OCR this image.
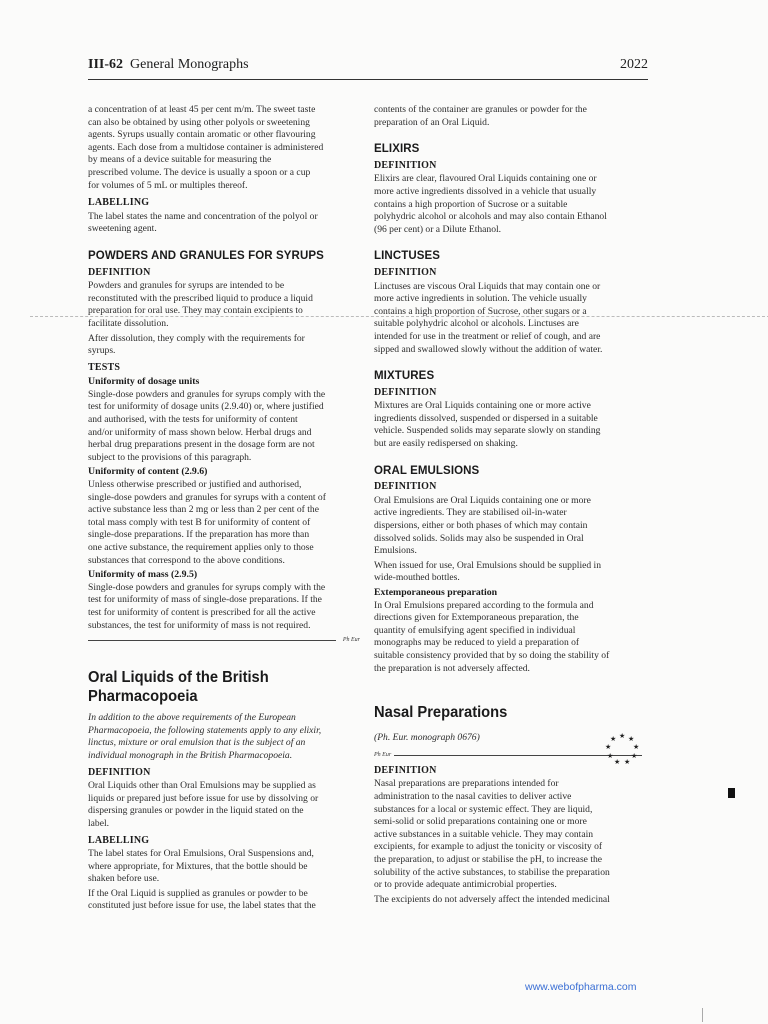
III-62 General Monographs	2022

a concentration of at least 45 per cent m/m. The sweet taste
can also be obtained by using other polyols or sweetening
agents. Syrups usually contain aromatic or other flavouring
agents. Each dose from a multidose container is administered
by means of a device suitable for measuring the
prescribed volume. The device is usually a spoon or a cup
for volumes of 5 mL or multiples thereof.

LABELLING

The label states the name and concentration of the polyol or
sweetening agent.

POWDERS AND GRANULES FOR SYRUPS
DEFINITION

Powders and granules for syrups are intended to be
reconstituted with the prescribed liquid to produce a liquid
preparation for oral use. They may contain excipients to
facilitate dissolution.

After dissolution, they comply with the requirements for
syrups.

TESTS
Uniformity of dosage units

Single-dose powders and granules for syrups comply with the
test for uniformity of dosage units (2.9.40) or, where justified
and authorised, with the tests for uniformity of content
and/or uniformity of mass shown below. Herbal drugs and
herbal drug preparations present in the dosage form are not
subject to the provisions of this paragraph.

Uniformity of content (2.9.6)

Unless otherwise prescribed or justified and authorised,
single-dose powders and granules for syrups with a content of
active substance less than 2 mg or less than 2 per cent of the
total mass comply with test B for uniformity of content of
single-dose preparations. If the preparation has more than
one active substance, the requirement applies only to those
substances that correspond to the above conditions.

Uniformity of mass (2.9.5)

Single-dose powders and granules for syrups comply with the
test for uniformity of mass of single-dose preparations. If the
test for uniformity of content is prescribed for all the active
substances, the test for uniformity of mass is not required.

Ph Eur
Oral Liquids of the British
Pharmacopoeia

In addition to the above requirements of the European
Pharmacopoeia, the following statements apply to any elixir,
linctus, mixture or oral emulsion that is the subject of an
individual monograph in the British Pharmacopoeia.

DEFINITION

Oral Liquids other than Oral Emulsions may be supplied as
liquids or prepared just before issue for use by dissolving or
dispersing granules or powder in the liquid stated on the
label.

LABELLING

The label states for Oral Emulsions, Oral Suspensions and,
where appropriate, for Mixtures, that the bottle should be
shaken before use.

If the Oral Liquid is supplied as granules or powder to be
constituted just before issue for use, the label states that the

contents of the container are granules or powder for the
preparation of an Oral Liquid.

ELIXIRS
DEFINITION

Elixirs are clear, flavoured Oral Liquids containing one or
more active ingredients dissolved in a vehicle that usually
contains a high proportion of Sucrose or a suitable
polyhydric alcohol or alcohols and may also contain Ethanol
(96 per cent) or a Dilute Ethanol.

LINCTUSES
DEFINITION

Linctuses are viscous Oral Liquids that may contain one or
more active ingredients in solution. The vehicle usually
contains a high proportion of Sucrose, other sugars or a
suitable polyhydric alcohol or alcohols. Linctuses are
intended for use in the treatment or relief of cough, and are
sipped and swallowed slowly without the addition of water.

MIXTURES
DEFINITION

Mixtures are Oral Liquids containing one or more active
ingredients dissolved, suspended or dispersed in a suitable
vehicle. Suspended solids may separate slowly on standing
but are easily redispersed on shaking.

ORAL EMULSIONS
DEFINITION

Oral Emulsions are Oral Liquids containing one or more
active ingredients. They are stabilised oil-in-water
dispersions, either or both phases of which may contain
dissolved solids. Solids may also be suspended in Oral
Emulsions.

When issued for use, Oral Emulsions should be supplied in
wide-mouthed bottles.

Extemporaneous preparation

In Oral Emulsions prepared according to the formula and
directions given for Extemporaneous preparation, the
quantity of emulsifying agent specified in individual
monographs may be reduced to yield a preparation of
suitable consistency provided that by so doing the stability of
the preparation is not adversely affected.

Nasal Preparations

(Ph. Eur. monograph 0676)

Ph Eur
DEFINITION

Nasal preparations are preparations intended for
administration to the nasal cavities to deliver active
substances for a local or systemic effect. They are liquid,
semi-solid or solid preparations containing one or more
active substances in a suitable vehicle. They may contain
excipients, for example to adjust the tonicity or viscosity of
the preparation, to adjust or stabilise the pH, to increase the
solubility of the active substances, to stabilise the preparation
or to provide adequate antimicrobial properties.

The excipients do not adversely affect the intended medicinal

★ ★
★
★
★
★
★
★
★
www.webofpharma.com
